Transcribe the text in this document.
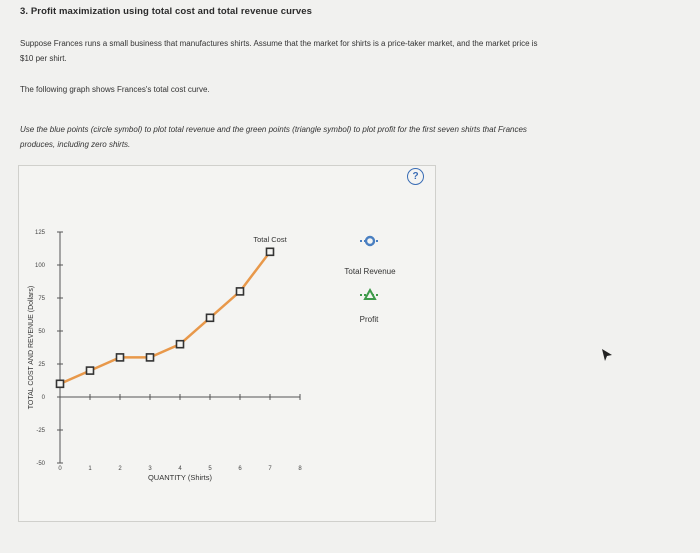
3. Profit maximization using total cost and total revenue curves
Suppose Frances runs a small business that manufactures shirts. Assume that the market for shirts is a price-taker market, and the market price is
$10 per shirt.
The following graph shows Frances's total cost curve.
Use the blue points (circle symbol) to plot total revenue and the green points (triangle symbol) to plot profit for the first seven shirts that Frances
produces, including zero shirts.
?
125
100
75
50
25
0
-25
-50
0	1	2	3	4	5	6	7	8
QUANTITY (Shirts)
TOTAL COST AND REVENUE (Dollars)
Total Cost
Total Revenue
Profit
